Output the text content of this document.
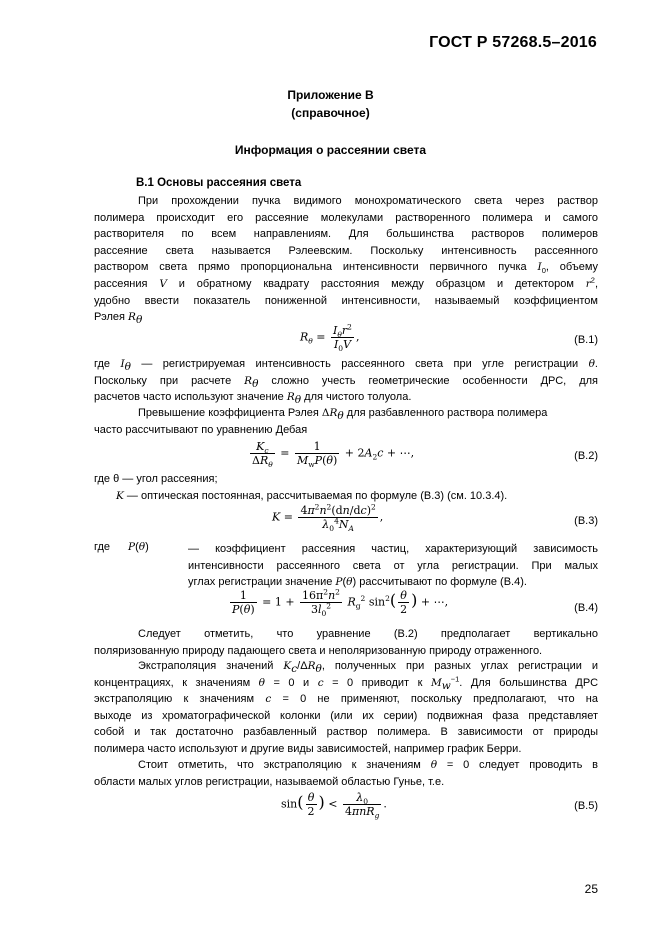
ГОСТ Р 57268.5–2016
Приложение В
(справочное)
Информация о рассеянии света
В.1 Основы рассеяния света
При прохождении пучка видимого монохроматического света через раствор
полимера происходит его рассеяние молекулами растворенного полимера и самого
растворителя по всем направлениям. Для большинства растворов полимеров
рассеяние света называется Рэлеевским. Поскольку интенсивность рассеянного
раствором света прямо пропорциональна интенсивности первичного пучка $I_0$, объему
рассеяния V и обратному квадрату расстояния между образцом и детектором $r^2$,
удобно ввести показатель пониженной интенсивности, называемый коэффициентом
Рэлея $R_\theta$
$R_\theta = \frac{I_\theta r^2}{I_0V}$ ,	(В.1)
где $I_\theta$ — регистрируемая интенсивность рассеянного света при угле регистрации θ.
Поскольку при расчете $R_\theta$ сложно учесть геометрические особенности ДРС, для
расчетов часто используют значение $R_\theta$ для чистого толуола.
Превышение коэффициента Рэлея $\Delta R_\theta$ для разбавленного раствора полимера
часто рассчитывают по уравнению Дебая
$\frac{K_c}{\Delta R_\theta} = \frac{1}{M_wP(\theta)} + 2A_2c$ + ⋯,	(В.2)
где θ — угол рассеяния;
K — оптическая постоянная, рассчитываемая по формуле (В.3) (см. 10.3.4).
$K = \frac{4\pi^2n^2(dn/dc)^2}{\lambda_0^4N_A}$ ,	(В.3)
где P(θ)	— коэффициент рассеяния частиц, характеризующий зависимость
интенсивности рассеянного света от угла регистрации. При малых
углах регистрации значение P(θ) рассчитывают по формуле (В.4).
$\frac{1}{P(\theta)} = 1 + \frac{16\pi^2n^2}{3l_0^2} R_g^2$ $\sin^2( \frac{\theta}{2}$ ) + ⋯,	(В.4)
Следует отметить, что уравнение (В.2) предполагает вертикально
поляризованную природу падающего света и неполяризованную природу отраженного.
Экстраполяция значений $K_c/\Delta R_\theta$, полученных при разных углах регистрации и
концентрациях, к значениям θ = 0 и c = 0 приводит к $M_w^{-1}$. Для большинства ДРС
экстраполяцию к значениям c = 0 не применяют, поскольку предполагают, что на
выходе из хроматографической колонки (или их серии) подвижная фаза представляет
собой и так достаточно разбавленный раствор полимера. В зависимости от природы
полимера часто используют и другие виды зависимостей, например график Берри.
Стоит отметить, что экстраполяцию к значениям θ = 0 следует проводить в
области малых углов регистрации, называемой областью Гунье, т.е.
$\sin( \frac{\theta}{2}$ ) < $\frac{\lambda_0}{4\pi nR_g}$ .	(В.5)
25
